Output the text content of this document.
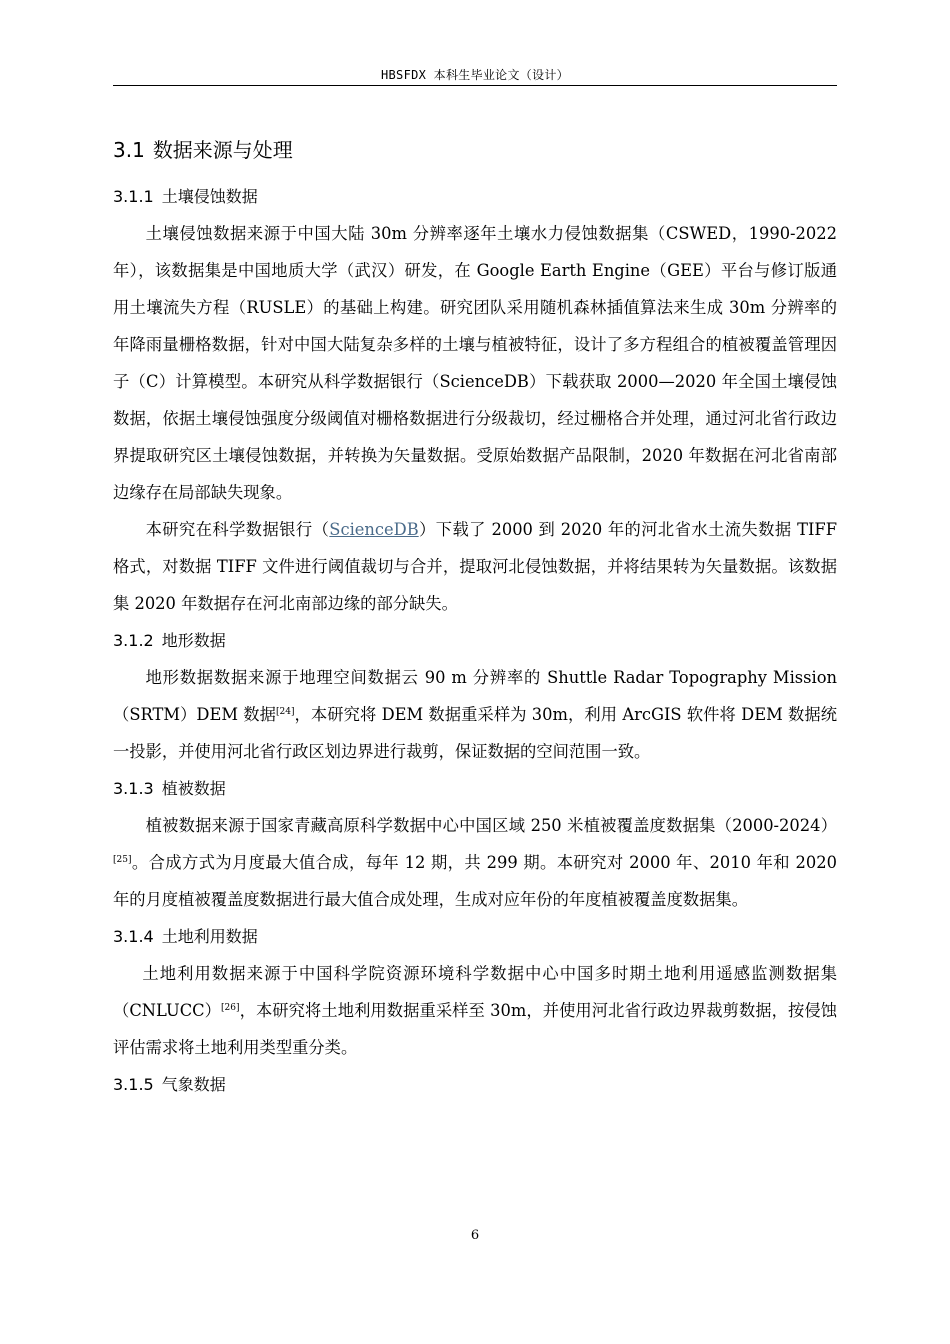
HBSFDX 本科生毕业论文（设计）
3.1 数据来源与处理
3.1.1 土壤侵蚀数据

土壤侵蚀数据来源于中国大陆 30m 分辨率逐年土壤水力侵蚀数据集（CSWED，1990-2022 年），该数据集是中国地质大学（武汉）研发，在 Google Earth Engine（GEE）平台与修订版通用土壤流失方程（RUSLE）的基础上构建。研究团队采用随机森林插值算法来生成 30m 分辨率的年降雨量栅格数据，针对中国大陆复杂多样的土壤与植被特征，设计了多方程组合的植被覆盖管理因子（C）计算模型。本研究从科学数据银行（ScienceDB）下载获取 2000—2020 年全国土壤侵蚀数据，依据土壤侵蚀强度分级阈值对栅格数据进行分级裁切，经过栅格合并处理，通过河北省行政边界提取研究区土壤侵蚀数据，并转换为矢量数据。受原始数据产品限制，2020 年数据在河北省南部边缘存在局部缺失现象。

本研究在科学数据银行（ScienceDB）下载了 2000 到 2020 年的河北省水土流失数据 TIFF 格式，对数据 TIFF 文件进行阈值裁切与合并，提取河北侵蚀数据，并将结果转为矢量数据。该数据集 2020 年数据存在河北南部边缘的部分缺失。

3.1.2 地形数据

地形数据数据来源于地理空间数据云 90 m 分辨率的 Shuttle Radar Topography Mission（SRTM）DEM 数据[24]，本研究将 DEM 数据重采样为 30m，利用 ArcGIS 软件将 DEM 数据统一投影，并使用河北省行政区划边界进行裁剪，保证数据的空间范围一致。

3.1.3 植被数据

植被数据来源于国家青藏高原科学数据中心中国区域 250 米植被覆盖度数据集（2000-2024）[25]。合成方式为月度最大值合成，每年 12 期，共 299 期。本研究对 2000 年、2010 年和 2020 年的月度植被覆盖度数据进行最大值合成处理，生成对应年份的年度植被覆盖度数据集。

3.1.4 土地利用数据

土地利用数据来源于中国科学院资源环境科学数据中心中国多时期土地利用遥感监测数据集（CNLUCC）[26]，本研究将土地利用数据重采样至 30m，并使用河北省行政边界裁剪数据，按侵蚀评估需求将土地利用类型重分类。

3.1.5 气象数据
6
